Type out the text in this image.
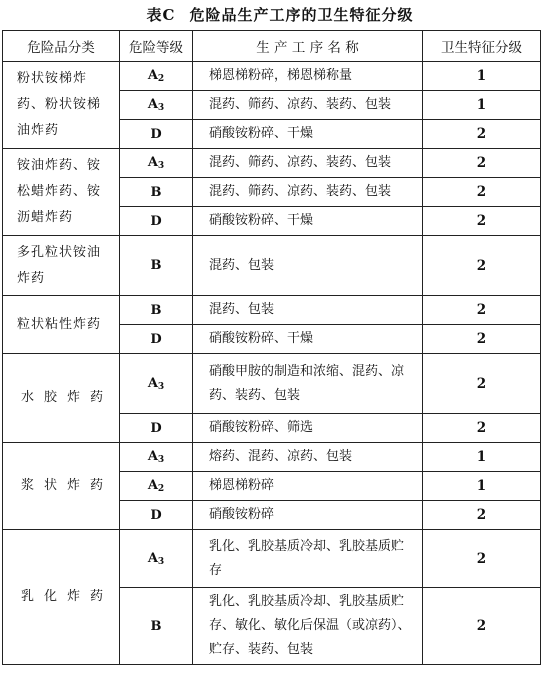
表C 危险品生产工序的卫生特征分级
危险品分类	危险等级	生 产 工 序 名 称	卫生特征分级
粉状铵梯炸药、粉状铵梯油炸药	$A_2$	梯恩梯粉碎，梯恩梯称量	1
	$A_3$	混药、筛药、凉药、装药、包装	1
	D	硝酸铵粉碎、干燥	2
铵油炸药、铵松蜡炸药、铵沥蜡炸药	$A_3$	混药、筛药、凉药、装药、包装	2
	B	混药、筛药、凉药、装药、包装	2
	D	硝酸铵粉碎、干燥	2
多孔粒状铵油炸药	B	混药、包装	2
粒状粘性炸药	B	混药、包装	2
	D	硝酸铵粉碎、干燥	2
水胶炸药	$A_3$	硝酸甲胺的制造和浓缩、混药、凉药、装药、包装	2
	D	硝酸铵粉碎、筛选	2
浆状炸药	$A_3$	熔药、混药、凉药、包装	1
	$A_2$	梯恩梯粉碎	1
	D	硝酸铵粉碎	2
乳化炸药	$A_3$	乳化、乳胶基质冷却、乳胶基质贮存	2
	B	乳化、乳胶基质冷却、乳胶基质贮存、敏化、敏化后保温（或凉药）、贮存、装药、包装	2
